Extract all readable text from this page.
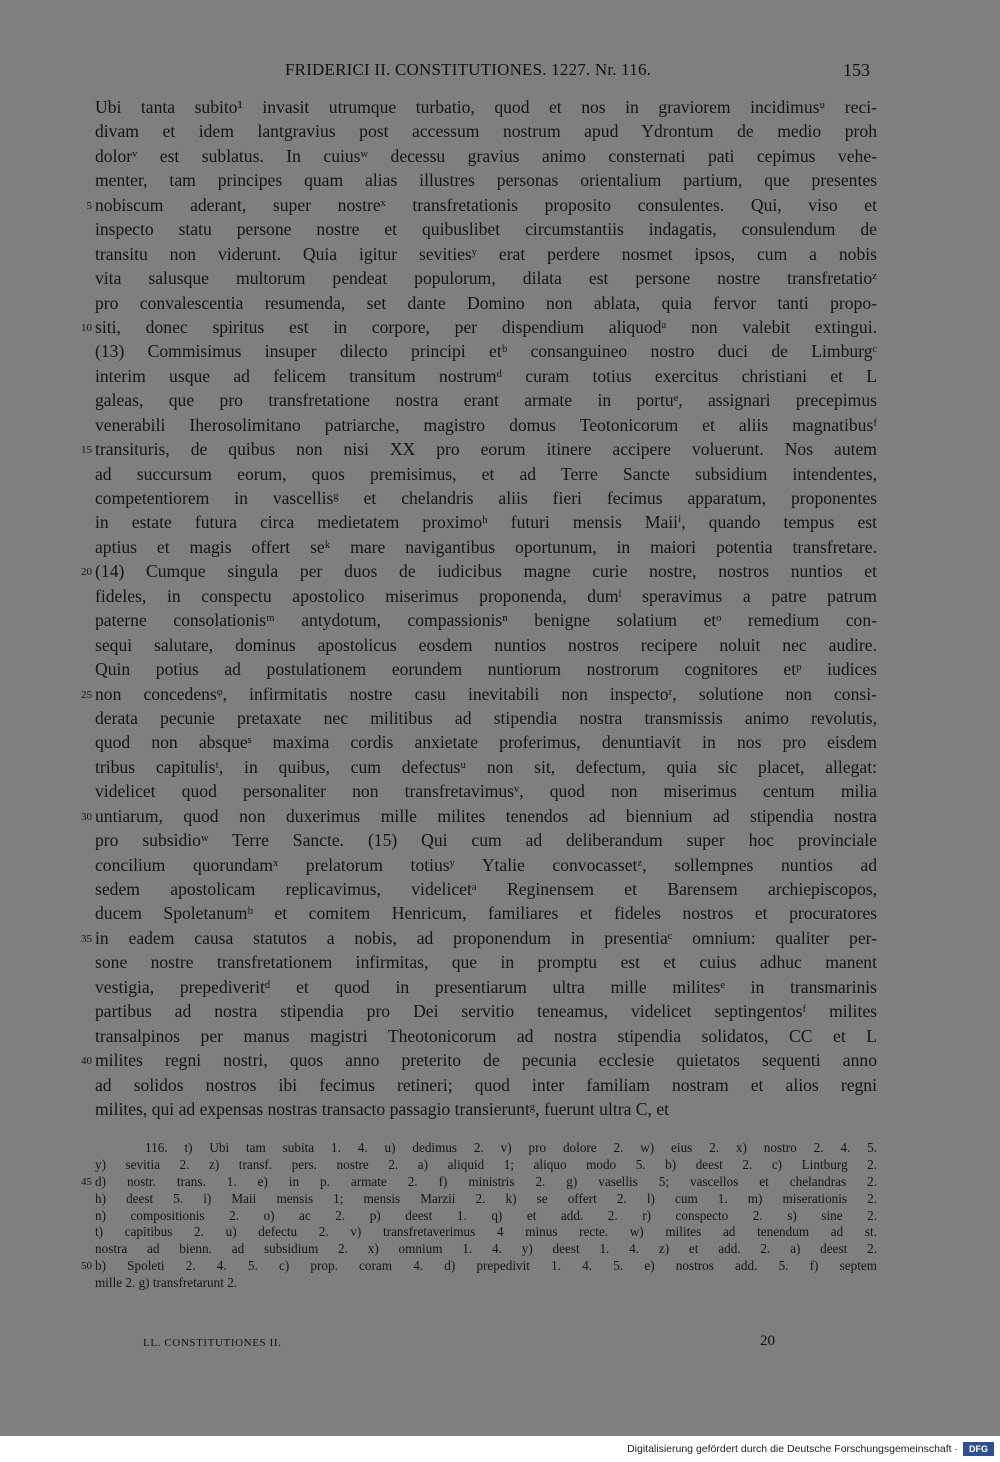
FRIDERICI II. CONSTITUTIONES. 1227. Nr. 116.	153
Ubi tanta subito¹ invasit utrumque turbatio, quod et nos in graviorem incidimusᵘ reci-
divam et idem lantgravius post accessum nostrum apud Ydrontum de medio proh
dolorᵛ est sublatus. In cuiusʷ decessu gravius animo consternati pati cepimus vehe-
menter, tam principes quam alias illustres personas orientalium partium, que presentes
5 nobiscum aderant, super nostreˣ transfretationis proposito consulentes. Qui, viso et
inspecto statu persone nostre et quibuslibet circumstantiis indagatis, consulendum de
transitu non viderunt. Quia igitur sevitiesʸ erat perdere nosmet ipsos, cum a nobis
vita salusque multorum pendeat populorum, dilata est persone nostre transfretatioᶻ
pro convalescentia resumenda, set dante Domino non ablata, quia fervor tanti propo-
10 siti, donec spiritus est in corpore, per dispendium aliquodᵃ non valebit extingui.
(13) Commisimus insuper dilecto principi etᵇ consanguineo nostro duci de Limburgᶜ
interim usque ad felicem transitum nostrumᵈ curam totius exercitus christiani et L
galeas, que pro transfretatione nostra erant armate in portuᵉ, assignari precepimus
venerabili Iherosolimitano patriarche, magistro domus Teotonicorum et aliis magnatibusᶠ
15 transituris, de quibus non nisi XX pro eorum itinere accipere voluerunt. Nos autem
ad succursum eorum, quos premisimus, et ad Terre Sancte subsidium intendentes,
competentiorem in vascellisᵍ et chelandris aliis fieri fecimus apparatum, proponentes
in estate futura circa medietatem proximoʰ futuri mensis Maiiⁱ, quando tempus est
aptius et magis offert seᵏ mare navigantibus oportunum, in maiori potentia transfretare.
20 (14) Cumque singula per duos de iudicibus magne curie nostre, nostros nuntios et
fideles, in conspectu apostolico miserimus proponenda, dumˡ speravimus a patre patrum
paterne consolationisᵐ antydotum, compassionisⁿ benigne solatium etᵒ remedium con-
sequi salutare, dominus apostolicus eosdem nuntios nostros recipere noluit nec audire.
Quin potius ad postulationem eorundem nuntiorum nostrorum cognitores etᵖ iudices
25 non concedensᵠ, infirmitatis nostre casu inevitabili non inspectoʳ, solutione non consi-
derata pecunie pretaxate nec militibus ad stipendia nostra transmissis animo revolutis,
quod non absqueˢ maxima cordis anxietate proferimus, denuntiavit in nos pro eisdem
tribus capitulisᵗ, in quibus, cum defectusᵘ non sit, defectum, quia sic placet, allegat:
videlicet quod personaliter non transfretavimusᵛ, quod non miserimus centum milia
30 untiarum, quod non duxerimus mille milites tenendos ad biennium ad stipendia nostra
pro subsidioʷ Terre Sancte. (15) Qui cum ad deliberandum super hoc provinciale
concilium quorundamˣ prelatorum totiusʸ Ytalie convocassetᶻ, sollempnes nuntios ad
sedem apostolicam replicavimus, videlicetᵃ Reginensem et Barensem archiepiscopos,
ducem Spoletanumᵇ et comitem Henricum, familiares et fideles nostros et procuratores
35 in eadem causa statutos a nobis, ad proponendum in presentiaᶜ omnium: qualiter per-
sone nostre transfretationem infirmitas, que in promptu est et cuius adhuc manent
vestigia, prepediveritᵈ et quod in presentiarum ultra mille militesᵉ in transmarinis
partibus ad nostra stipendia pro Dei servitio teneamus, videlicet septingentosᶠ milites
transalpinos per manus magistri Theotonicorum ad nostra stipendia solidatos, CC et L
40 milites regni nostri, quos anno preterito de pecunia ecclesie quietatos sequenti anno
ad solidos nostros ibi fecimus retineri; quod inter familiam nostram et alios regni
milites, qui ad expensas nostras transacto passagio transieruntᵍ, fuerunt ultra C, et
116. t) Ubi tam subita 1. 4. u) dedimus 2. v) pro dolore 2. w) eius 2. x) nostro 2. 4. 5.
y) sevitia 2. z) transf. pers. nostre 2. a) aliquid 1; aliquo modo 5. b) deest 2. c) Lintburg 2.
45 d) nostr. trans. 1. e) in p. armate 2. f) ministris 2. g) vasellis 5; vascellos et chelandras 2.
h) deest 5. i) Maii mensis 1; mensis Marzii 2. k) se offert 2. l) cum 1. m) miserationis 2.
n) compositionis 2. o) ac 2. p) deest 1. q) et add. 2. r) conspecto 2. s) sine 2.
t) capitibus 2. u) defectu 2. v) transfretaverimus 4 minus recte. w) milites ad tenendum ad st.
nostra ad bienn. ad subsidium 2. x) omnium 1. 4. y) deest 1. 4. z) et add. 2. a) deest 2.
50 b) Spoleti 2. 4. 5. c) prop. coram 4. d) prepedivit 1. 4. 5. e) nostros add. 5. f) septem
mille 2. g) transfretarunt 2.
LL. CONSTITUTIONES II.	20
Digitalisierung gefördert durch die Deutsche Forschungsgemeinschaft ·	DFG
